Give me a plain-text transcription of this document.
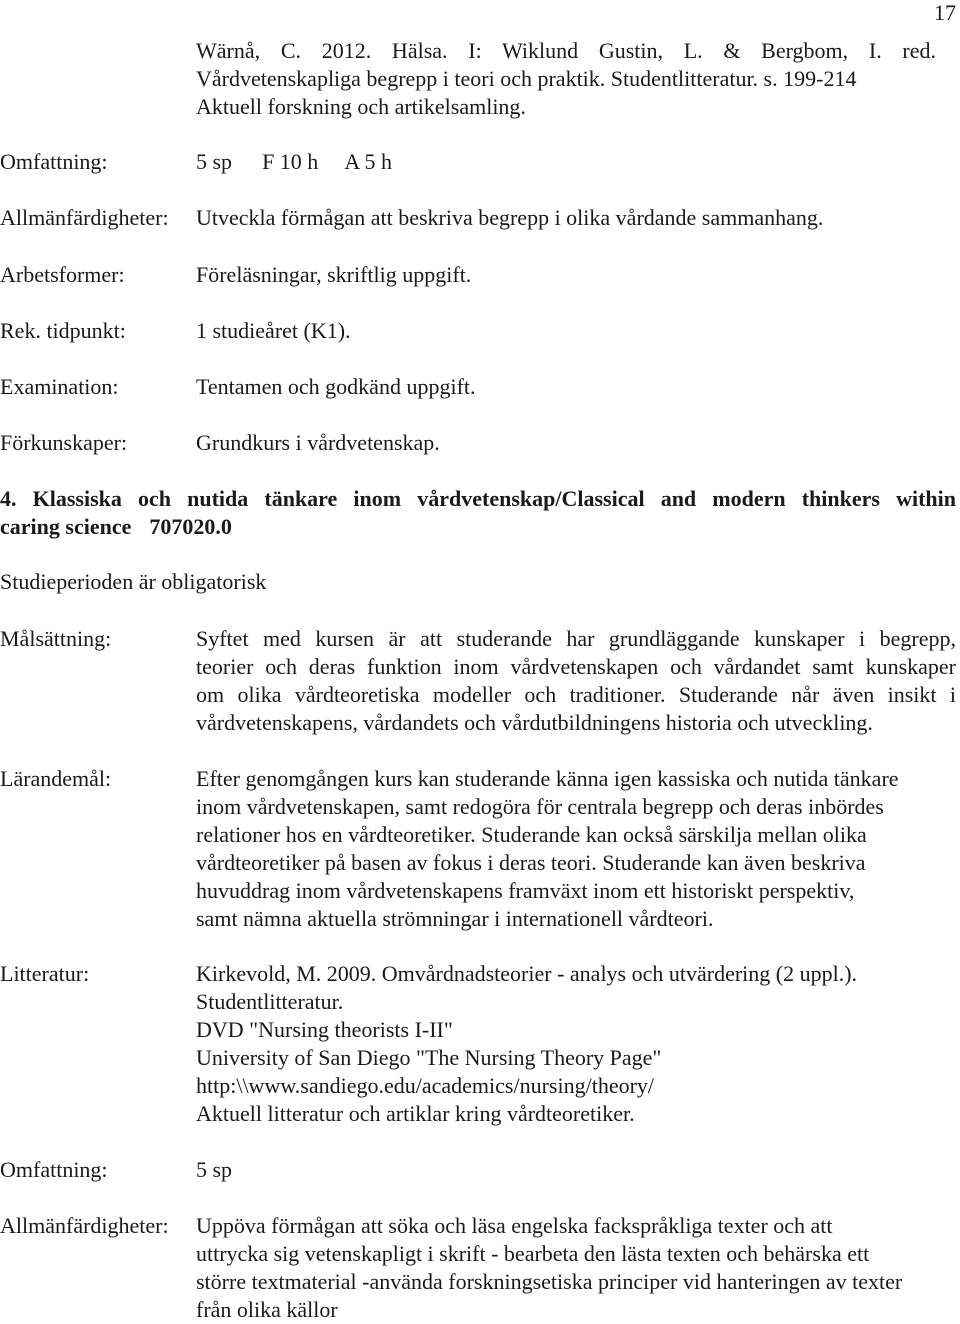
17
Wärnå, C. 2012. Hälsa. I: Wiklund Gustin, L. & Bergbom, I. red.
Vårdvetenskapliga begrepp i teori och praktik. Studentlitteratur. s. 199-214
Aktuell forskning och artikelsamling.
Omfattning:	5 sp F 10 h A 5 h
Allmänfärdigheter: Utveckla förmågan att beskriva begrepp i olika vårdande sammanhang.
Arbetsformer:	Föreläsningar, skriftlig uppgift.
Rek. tidpunkt:	1 studieåret (K1).
Examination:	Tentamen och godkänd uppgift.
Förkunskaper:	Grundkurs i vårdvetenskap.
4. Klassiska och nutida tänkare inom vårdvetenskap/Classical and modern thinkers within
caring science 707020.0
Studieperioden är obligatorisk
Målsättning:	Syftet med kursen är att studerande har grundläggande kunskaper i begrepp,
teorier och deras funktion inom vårdvetenskapen och vårdandet samt kunskaper
om olika vårdteoretiska modeller och traditioner. Studerande når även insikt i
vårdvetenskapens, vårdandets och vårdutbildningens historia och utveckling.
Lärandemål:	Efter genomgången kurs kan studerande känna igen kassiska och nutida tänkare
inom vårdvetenskapen, samt redogöra för centrala begrepp och deras inbördes
relationer hos en vårdteoretiker. Studerande kan också särskilja mellan olika
vårdteoretiker på basen av fokus i deras teori. Studerande kan även beskriva
huvuddrag inom vårdvetenskapens framväxt inom ett historiskt perspektiv,
samt nämna aktuella strömningar i internationell vårdteori.
Litteratur:	Kirkevold, M. 2009. Omvårdnadsteorier - analys och utvärdering (2 uppl.).
Studentlitteratur.
DVD "Nursing theorists I-II"
University of San Diego "The Nursing Theory Page"
http:\\www.sandiego.edu/academics/nursing/theory/
Aktuell litteratur och artiklar kring vårdteoretiker.
Omfattning:	5 sp
Allmänfärdigheter: Uppöva förmågan att söka och läsa engelska fackspråkliga texter och att
uttrycka sig vetenskapligt i skrift - bearbeta den lästa texten och behärska ett
större textmaterial -använda forskningsetiska principer vid hanteringen av texter
från olika källor
